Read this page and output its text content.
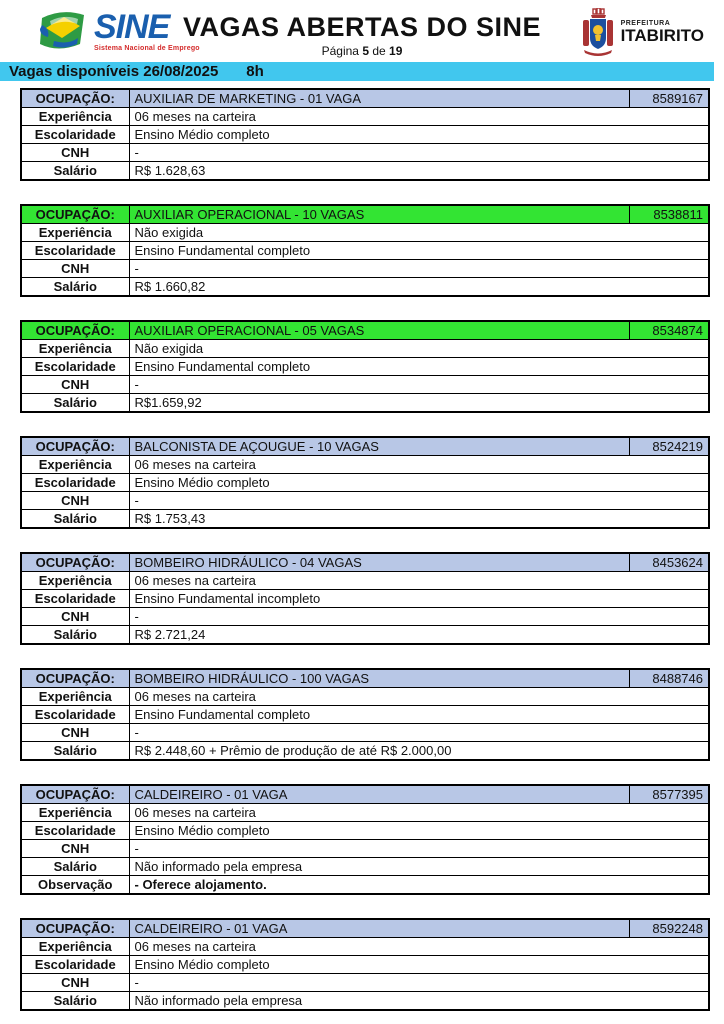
SINE
Sistema Nacional de Emprego
VAGAS ABERTAS DO SINE
Página 5 de 19
PREFEITURA
ITABIRITO
Vagas disponíveis 26/08/2025 8h
OCUPAÇÃO:	AUXILIAR DE MARKETING - 01 VAGA	8589167
Experiência	06 meses na carteira	
Escolaridade	Ensino Médio completo	
CNH	-	
Salário	R$ 1.628,63	
OCUPAÇÃO:	AUXILIAR OPERACIONAL - 10 VAGAS	8538811
Experiência	Não exigida	
Escolaridade	Ensino Fundamental completo	
CNH	-	
Salário	R$ 1.660,82	
OCUPAÇÃO:	AUXILIAR OPERACIONAL - 05 VAGAS	8534874
Experiência	Não exigida	
Escolaridade	Ensino Fundamental completo	
CNH	-	
Salário	R$1.659,92	
OCUPAÇÃO:	BALCONISTA DE AÇOUGUE - 10 VAGAS	8524219
Experiência	06 meses na carteira	
Escolaridade	Ensino Médio completo	
CNH	-	
Salário	R$ 1.753,43	
OCUPAÇÃO:	BOMBEIRO HIDRÁULICO - 04 VAGAS	8453624
Experiência	06 meses na carteira	
Escolaridade	Ensino Fundamental incompleto	
CNH	-	
Salário	R$ 2.721,24	
OCUPAÇÃO:	BOMBEIRO HIDRÁULICO - 100 VAGAS	8488746
Experiência	06 meses na carteira	
Escolaridade	Ensino Fundamental completo	
CNH	-	
Salário	R$ 2.448,60 + Prêmio de produção de até R$ 2.000,00	
OCUPAÇÃO:	CALDEIREIRO - 01 VAGA	8577395
Experiência	06 meses na carteira	
Escolaridade	Ensino Médio completo	
CNH	-	
Salário	Não informado pela empresa	
Observação	- Oferece alojamento.	
OCUPAÇÃO:	CALDEIREIRO - 01 VAGA	8592248
Experiência	06 meses na carteira	
Escolaridade	Ensino Médio completo	
CNH	-	
Salário	Não informado pela empresa	
